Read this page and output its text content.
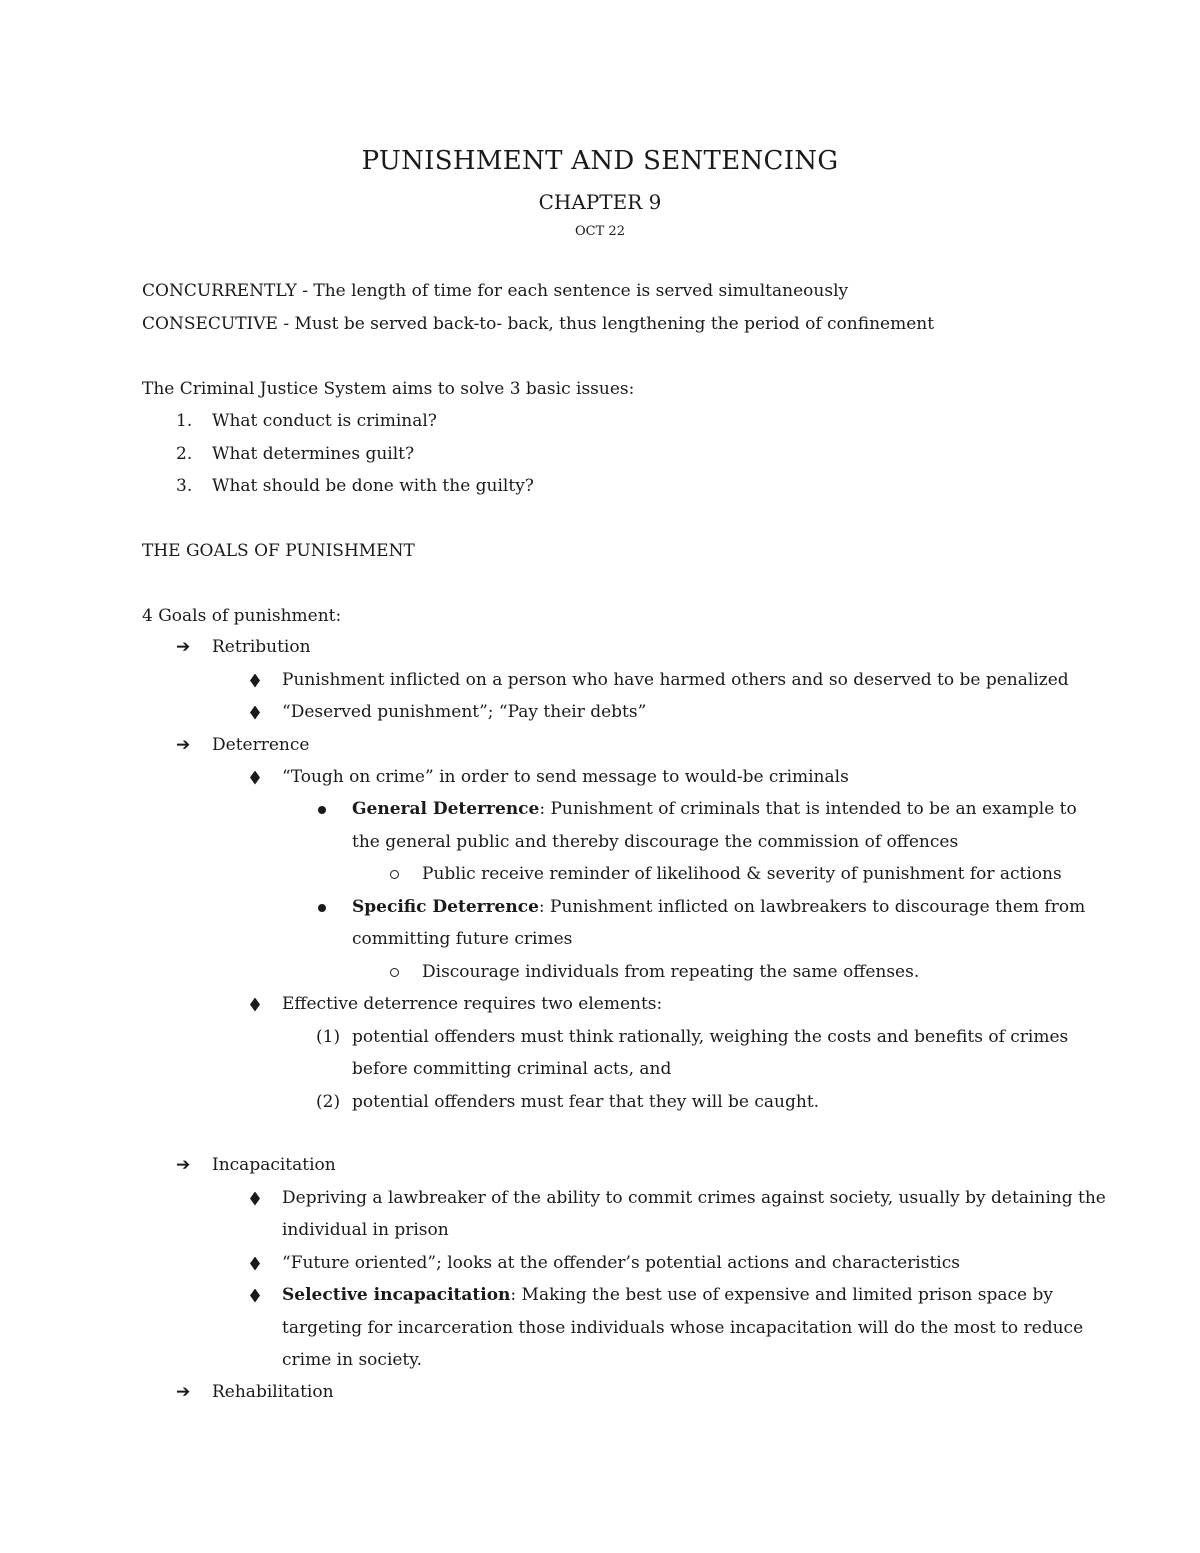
PUNISHMENT AND SENTENCING
CHAPTER 9
OCT 22
CONCURRENTLY - The length of time for each sentence is served simultaneously
CONSECUTIVE - Must be served back-to- back, thus lengthening the period of confinement
The Criminal Justice System aims to solve 3 basic issues:
1. What conduct is criminal?
2. What determines guilt?
3. What should be done with the guilty?
THE GOALS OF PUNISHMENT
4 Goals of punishment:
➔ Retribution
Punishment inflicted on a person who have harmed others and so deserved to be penalized
“Deserved punishment”; “Pay their debts”
➔ Deterrence
“Tough on crime” in order to send message to would-be criminals
General Deterrence: Punishment of criminals that is intended to be an example to
the general public and thereby discourage the commission of offences
Public receive reminder of likelihood & severity of punishment for actions
Specific Deterrence: Punishment inflicted on lawbreakers to discourage them from
committing future crimes
Discourage individuals from repeating the same offenses.
Effective deterrence requires two elements:
(1) potential offenders must think rationally, weighing the costs and benefits of crimes
before committing criminal acts, and
(2) potential offenders must fear that they will be caught.
➔ Incapacitation
Depriving a lawbreaker of the ability to commit crimes against society, usually by detaining the
individual in prison
“Future oriented”; looks at the offender’s potential actions and characteristics
Selective incapacitation: Making the best use of expensive and limited prison space by
targeting for incarceration those individuals whose incapacitation will do the most to reduce
crime in society.
➔ Rehabilitation
